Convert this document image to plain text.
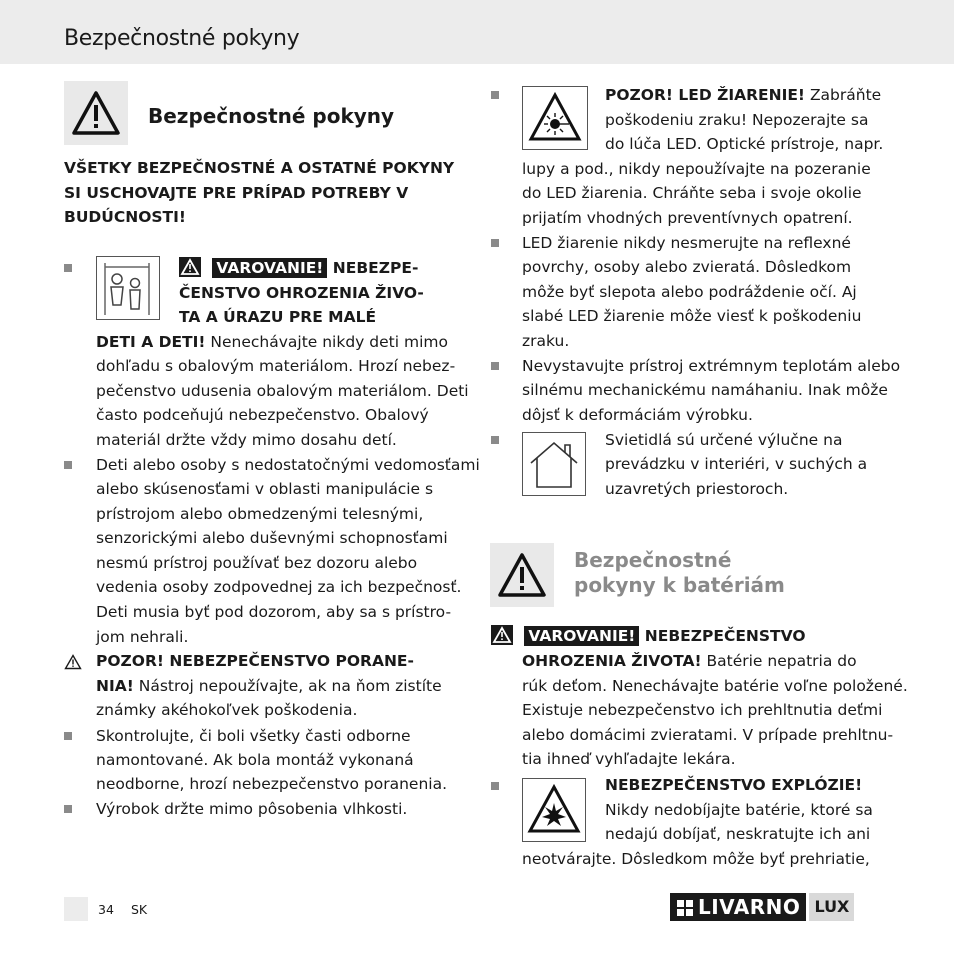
Bezpečnostné pokyny
Bezpečnostné pokyny
VŠETKY BEZPEČNOSTNÉ A OSTATNÉ POKYNY
SI USCHOVAJTE PRE PRÍPAD POTREBY V
BUDÚCNOSTI!
VAROVANIE! NEBEZPE-
ČENSTVO OHROZENIA ŽIVO-
TA A ÚRAZU PRE MALÉ
DETI A DETI! Nenechávajte nikdy deti mimo
dohľadu s obalovým materiálom. Hrozí nebez-
pečenstvo udusenia obalovým materiálom. Deti
často podceňujú nebezpečenstvo. Obalový
materiál držte vždy mimo dosahu detí.
Deti alebo osoby s nedostatočnými vedomosťami
alebo skúsenosťami v oblasti manipulácie s
prístrojom alebo obmedzenými telesnými,
senzorickými alebo duševnými schopnosťami
nesmú prístroj používať bez dozoru alebo
vedenia osoby zodpovednej za ich bezpečnosť.
Deti musia byť pod dozorom, aby sa s prístro-
jom nehrali.
POZOR! NEBEZPEČENSTVO PORANE-
NIA! Nástroj nepoužívajte, ak na ňom zistíte
známky akéhokoľvek poškodenia.
Skontrolujte, či boli všetky časti odborne
namontované. Ak bola montáž vykonaná
neodborne, hrozí nebezpečenstvo poranenia.
Výrobok držte mimo pôsobenia vlhkosti.
POZOR! LED ŽIARENIE! Zabráňte
poškodeniu zraku! Nepozerajte sa
do lúča LED. Optické prístroje, napr.
lupy a pod., nikdy nepoužívajte na pozeranie
do LED žiarenia. Chráňte seba i svoje okolie
prijatím vhodných preventívnych opatrení.
LED žiarenie nikdy nesmerujte na reflexné
povrchy, osoby alebo zvieratá. Dôsledkom
môže byť slepota alebo podráždenie očí. Aj
slabé LED žiarenie môže viesť k poškodeniu
zraku.
Nevystavujte prístroj extrémnym teplotám alebo
silnému mechanickému namáhaniu. Inak môže
dôjsť k deformáciám výrobku.
Svietidlá sú určené výlučne na
prevádzku v interiéri, v suchých a
uzavretých priestoroch.
Bezpečnostné
pokyny k batériám
VAROVANIE! NEBEZPEČENSTVO
OHROZENIA ŽIVOTA! Batérie nepatria do
rúk deťom. Nenechávajte batérie voľne položené.
Existuje nebezpečenstvo ich prehltnutia deťmi
alebo domácimi zvieratami. V prípade prehltnu-
tia ihneď vyhľadajte lekára.
NEBEZPEČENSTVO EXPLÓZIE!
Nikdy nedobíjajte batérie, ktoré sa
nedajú dobíjať, neskratujte ich ani
neotvárajte. Dôsledkom môže byť prehriatie,
34 SK	LIVARNO LUX
